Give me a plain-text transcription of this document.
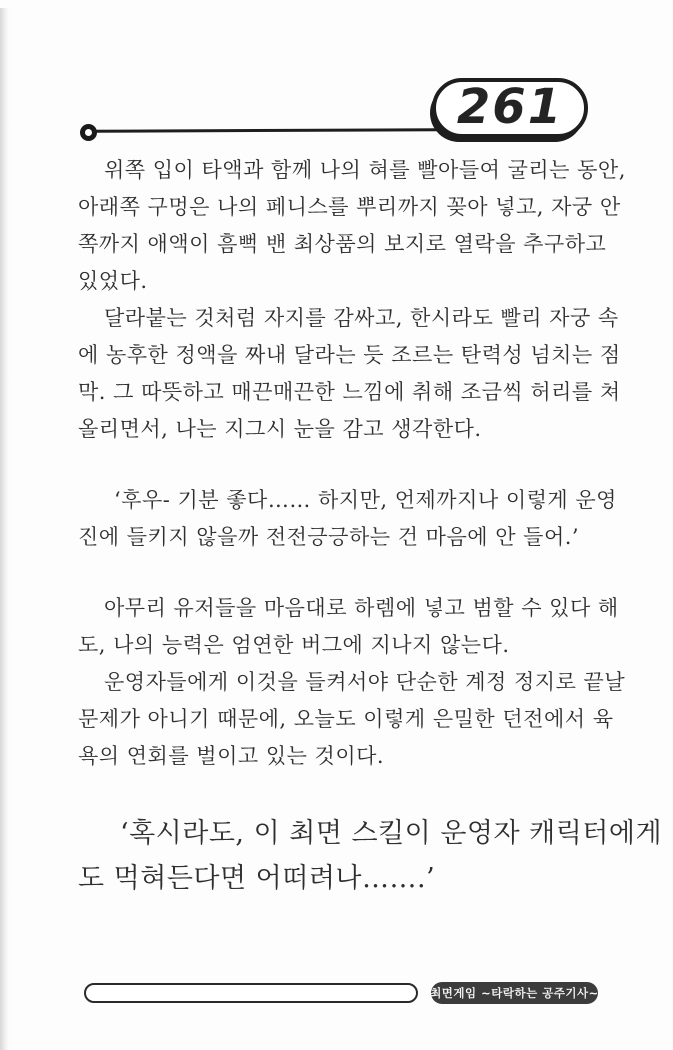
261
위쪽 입이 타액과 함께 나의 혀를 빨아들여 굴리는 동안,
아래쪽 구멍은 나의 페니스를 뿌리까지 꽂아 넣고, 자궁 안
쪽까지 애액이 흠뻑 밴 최상품의 보지로 열락을 추구하고
있었다.
달라붙는 것처럼 자지를 감싸고, 한시라도 빨리 자궁 속
에 농후한 정액을 짜내 달라는 듯 조르는 탄력성 넘치는 점
막. 그 따뜻하고 매끈매끈한 느낌에 취해 조금씩 허리를 쳐
올리면서, 나는 지그시 눈을 감고 생각한다.
‘후우- 기분 좋다…… 하지만, 언제까지나 이렇게 운영
진에 들키지 않을까 전전긍긍하는 건 마음에 안 들어.’
아무리 유저들을 마음대로 하렘에 넣고 범할 수 있다 해
도, 나의 능력은 엄연한 버그에 지나지 않는다.
운영자들에게 이것을 들켜서야 단순한 계정 정지로 끝날
문제가 아니기 때문에, 오늘도 이렇게 은밀한 던전에서 육
욕의 연회를 벌이고 있는 것이다.
‘혹시라도, 이 최면 스킬이 운영자 캐릭터에게
도 먹혀든다면 어떠려나…….’
최면게임 ~타락하는 공주기사~
